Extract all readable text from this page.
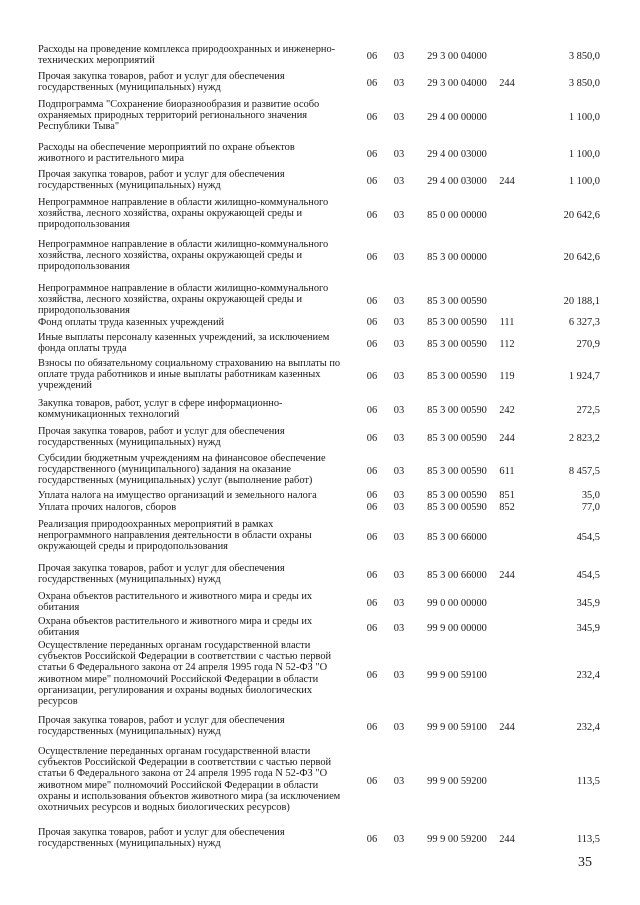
Расходы на проведение комплекса природоохранных и инженерно-
технических мероприятий	06	03	29 3 00 04000	3 850,0
Прочая закупка товаров, работ и услуг для обеспечения
государственных (муниципальных) нужд	06	03	29 3 00 04000	244	3 850,0
Подпрограмма "Сохранение биоразнообразия и развитие особо
охраняемых природных территорий регионального значения
Республики Тыва"
06	03	29 4 00 00000	1 100,0
Расходы на обеспечение мероприятий по охране объектов
животного и растительного мира	06	03	29 4 00 03000	1 100,0
Прочая закупка товаров, работ и услуг для обеспечения
государственных (муниципальных) нужд	06	03	29 4 00 03000	244	1 100,0
Непрограммное направление в области жилищно-коммунального
хозяйства, лесного хозяйства, охраны окружающей среды и
природопользования
06	03	85 0 00 00000	20 642,6
Непрограммное направление в области жилищно-коммунального
хозяйства, лесного хозяйства, охраны окружающей среды и
природопользования
06	03	85 3 00 00000	20 642,6
Непрограммное направление в области жилищно-коммунального
хозяйства, лесного хозяйства, охраны окружающей среды и
природопользования
06	03	85 3 00 00590	20 188,1
Фонд оплаты труда казенных учреждений	06	03	85 3 00 00590	111	6 327,3
Иные выплаты персоналу казенных учреждений, за исключением
фонда оплаты труда	06	03	85 3 00 00590	112	270,9
Взносы по обязательному социальному страхованию на выплаты по
оплате труда работников и иные выплаты работникам казенных
учреждений
06	03	85 3 00 00590	119	1 924,7
Закупка товаров, работ, услуг в сфере информационно-
коммуникационных технологий	06	03	85 3 00 00590	242	272,5
Прочая закупка товаров, работ и услуг для обеспечения
государственных (муниципальных) нужд	06	03	85 3 00 00590	244	2 823,2
Субсидии бюджетным учреждениям на финансовое обеспечение
государственного (муниципального) задания на оказание
государственных (муниципальных) услуг (выполнение работ)
06	03	85 3 00 00590	611	8 457,5
Уплата налога на имущество организаций и земельного налога	06	03	85 3 00 00590	851	35,0
Уплата прочих налогов, сборов	06	03	85 3 00 00590	852	77,0
Реализация природоохранных мероприятий в рамках
непрограммного направления деятельности в области охраны
окружающей среды и природопользования
06	03	85 3 00 66000	454,5
Прочая закупка товаров, работ и услуг для обеспечения
государственных (муниципальных) нужд	06	03	85 3 00 66000	244	454,5
Охрана объектов растительного и животного мира и среды их
обитания	06	03	99 0 00 00000	345,9
Охрана объектов растительного и животного мира и среды их
обитания	06	03	99 9 00 00000	345,9
Осуществление переданных органам государственной власти
субъектов Российской Федерации в соответствии с частью первой
статьи 6 Федерального закона от 24 апреля 1995 года N 52-ФЗ "О
животном мире" полномочий Российской Федерации в области
организации, регулирования и охраны водных биологических
ресурсов
06	03	99 9 00 59100	232,4
Прочая закупка товаров, работ и услуг для обеспечения
государственных (муниципальных) нужд	06	03	99 9 00 59100	244	232,4
Осуществление переданных органам государственной власти
субъектов Российской Федерации в соответствии с частью первой
статьи 6 Федерального закона от 24 апреля 1995 года N 52-ФЗ "О
животном мире" полномочий Российской Федерации в области
охраны и использования объектов животного мира (за исключением
охотничьих ресурсов и водных биологических ресурсов)
06	03	99 9 00 59200	113,5
Прочая закупка товаров, работ и услуг для обеспечения
государственных (муниципальных) нужд	06	03	99 9 00 59200	244	113,5
35
